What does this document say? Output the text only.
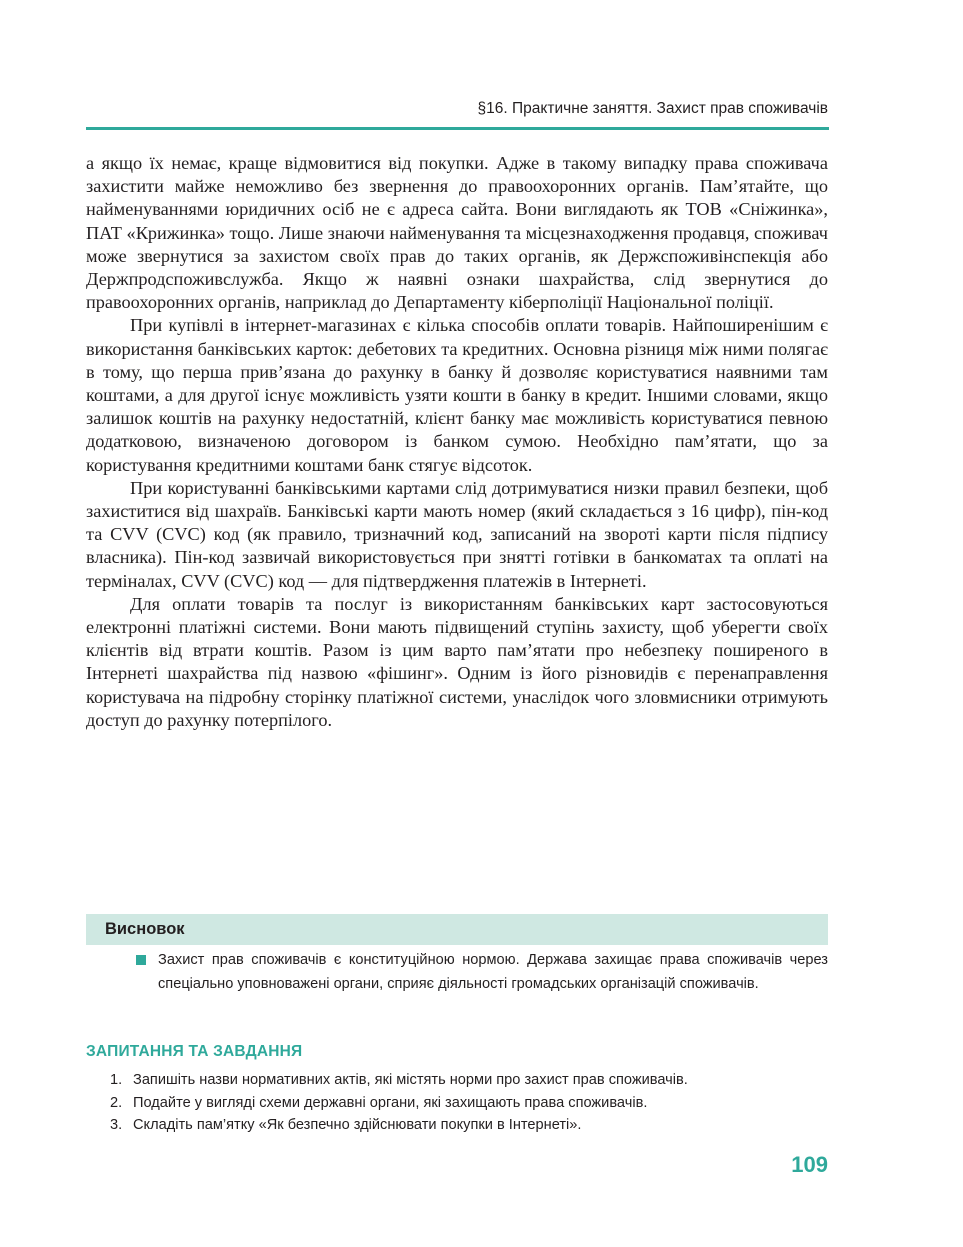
§16. Практичне заняття. Захист прав споживачів

а якщо їх немає, краще відмовитися від покупки. Адже в такому випадку права споживача захистити майже неможливо без звернення до правоохоронних органів. Пам’ятайте, що найменуваннями юридичних осіб не є адреса сайта. Вони виглядають як ТОВ «Сніжинка», ПАТ «Крижинка» тощо. Лише знаючи найменування та місцезнаходження продавця, споживач може звернутися за захистом своїх прав до таких органів, як Держспоживінспекція або Держпродспоживслужба. Якщо ж наявні ознаки шахрайства, слід звернутися до правоохоронних органів, наприклад до Департаменту кіберполіції Національної поліції.

При купівлі в інтернет-магазинах є кілька способів оплати товарів. Найпоширенішим є використання банківських карток: дебетових та кредитних. Основна різниця між ними полягає в тому, що перша прив’язана до рахунку в банку й дозволяє користуватися наявними там коштами, а для другої існує можливість узяти кошти в банку в кредит. Іншими словами, якщо залишок коштів на рахунку недостатній, клієнт банку має можливість користуватися певною додатковою, визначеною договором із банком сумою. Необхідно пам’ятати, що за користування кредитними коштами банк стягує відсоток.

При користуванні банківськими картами слід дотримуватися низки правил безпеки, щоб захиститися від шахраїв. Банківські карти мають номер (який складається з 16 цифр), пін-код та CVV (CVC) код (як правило, тризначний код, записаний на звороті карти після підпису власника). Пін-код зазвичай використовується при знятті готівки в банкоматах та оплаті на терміналах, CVV (CVC) код — для підтвердження платежів в Інтернеті.

Для оплати товарів та послуг із використанням банківських карт застосовуються електронні платіжні системи. Вони мають підвищений ступінь захисту, щоб уберегти своїх клієнтів від втрати коштів. Разом із цим варто пам’ятати про небезпеку поширеного в Інтернеті шахрайства під назвою «фішинг». Одним із його різновидів є перенаправлення користувача на підробну сторінку платіжної системи, унаслідок чого зловмисники отримують доступ до рахунку потерпілого.

Висновок
Захист прав споживачів є конституційною нормою. Держава захищає права споживачів через спеціально уповноважені органи, сприяє діяльності громадських організацій споживачів.
ЗАПИТАННЯ ТА ЗАВДАННЯ
1. Запишіть назви нормативних актів, які містять норми про захист прав споживачів.
2. Подайте у вигляді схеми державні органи, які захищають права споживачів.
3. Складіть пам’ятку «Як безпечно здійснювати покупки в Інтернеті».
109
